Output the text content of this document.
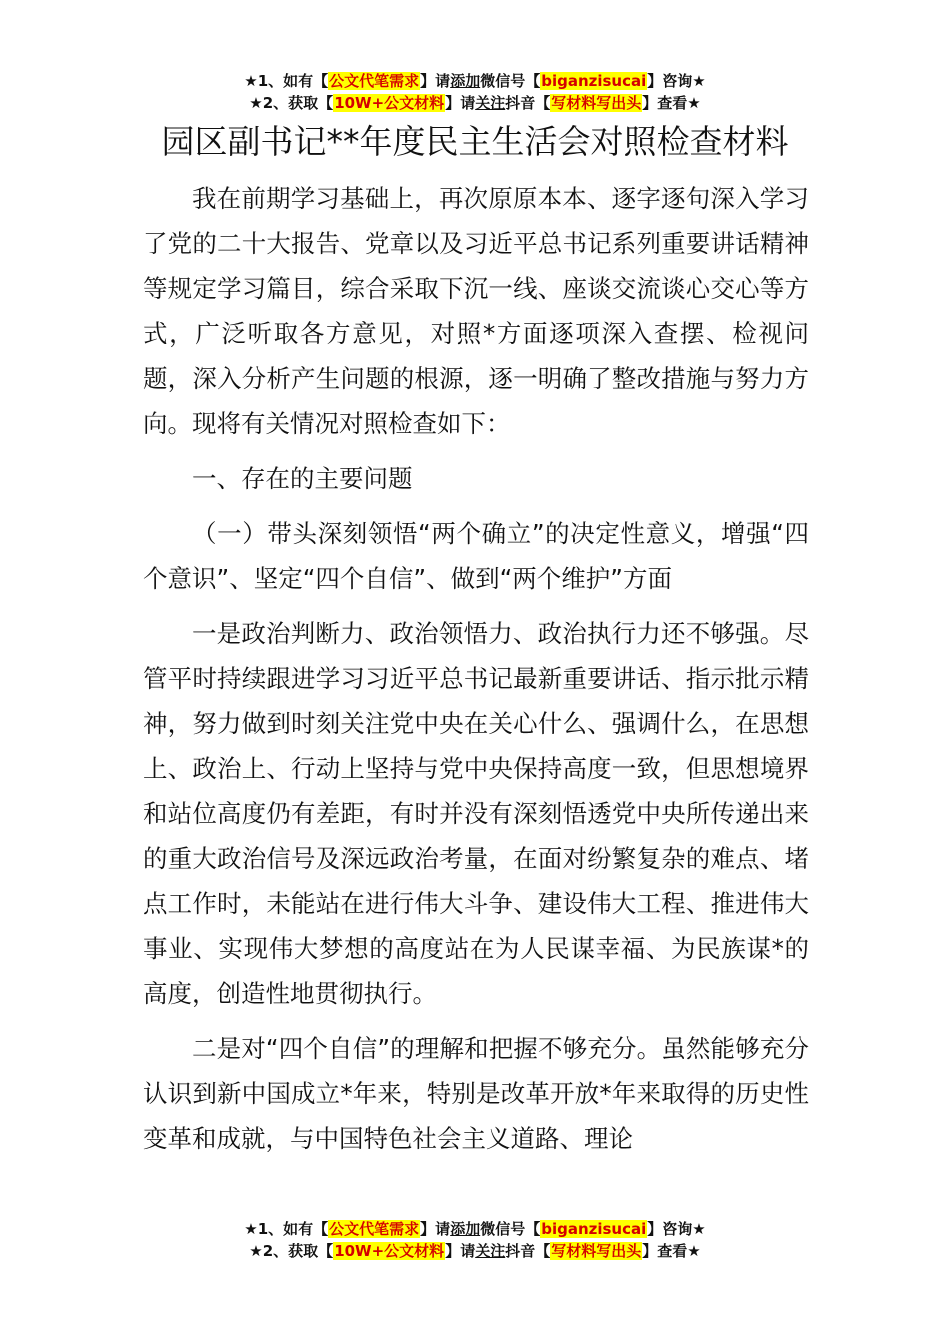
★1、如有【公文代笔需求】请添加微信号【biganzisucai】咨询★
★2、获取【10W+公文材料】请关注抖音【写材料写出头】查看★
园区副书记**年度民主生活会对照检查材料

我在前期学习基础上，再次原原本本、逐字逐句深入学习了党的二十大报告、党章以及习近平总书记系列重要讲话精神等规定学习篇目，综合采取下沉一线、座谈交流谈心交心等方式，广泛听取各方意见，对照*方面逐项深入查摆、检视问题，深入分析产生问题的根源，逐一明确了整改措施与努力方向。现将有关情况对照检查如下：

一、存在的主要问题

（一）带头深刻领悟“两个确立”的决定性意义，增强“四个意识”、坚定“四个自信”、做到“两个维护”方面

一是政治判断力、政治领悟力、政治执行力还不够强。尽管平时持续跟进学习习近平总书记最新重要讲话、指示批示精神，努力做到时刻关注党中央在关心什么、强调什么，在思想上、政治上、行动上坚持与党中央保持高度一致，但思想境界和站位高度仍有差距，有时并没有深刻悟透党中央所传递出来的重大政治信号及深远政治考量，在面对纷繁复杂的难点、堵点工作时，未能站在进行伟大斗争、建设伟大工程、推进伟大事业、实现伟大梦想的高度站在为人民谋幸福、为民族谋*的高度，创造性地贯彻执行。

二是对“四个自信”的理解和把握不够充分。虽然能够充分认识到新中国成立*年来，特别是改革开放*年来取得的历史性变革和成就，与中国特色社会主义道路、理论

★1、如有【公文代笔需求】请添加微信号【biganzisucai】咨询★
★2、获取【10W+公文材料】请关注抖音【写材料写出头】查看★
